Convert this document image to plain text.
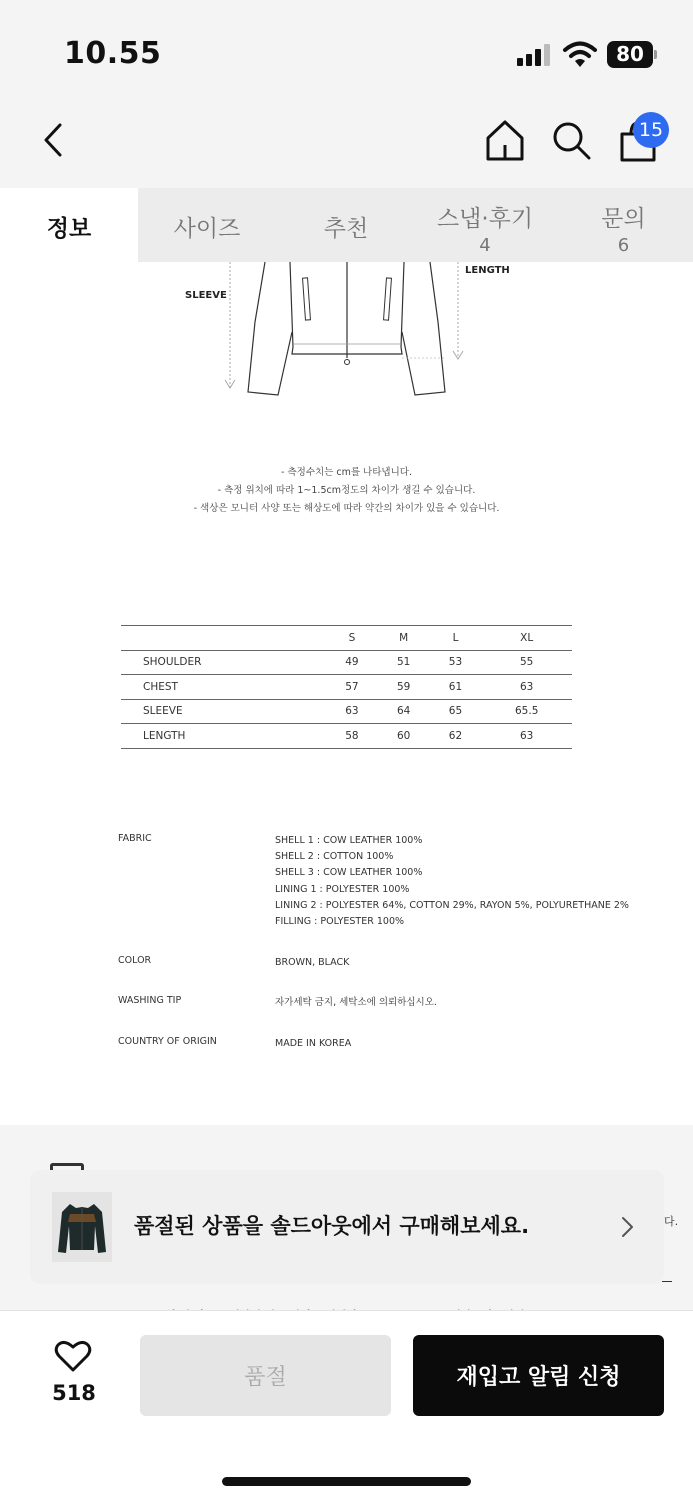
10.55	80
15
정보	사이즈	추천	스냅·후기
4
문의
6
SLEEVE
LENGTH
- 측정수치는 cm를 나타냅니다.
- 측정 위치에 따라 1~1.5cm정도의 차이가 생길 수 있습니다.
- 색상은 모니터 사양 또는 해상도에 따라 약간의 차이가 있을 수 있습니다.
	S	M	L	XL
SHOULDER	49	51	53	55
CHEST	57	59	61	63
SLEEVE	63	64	65	65.5
LENGTH	58	60	62	63
FABRIC	SHELL 1 : COW LEATHER 100%
SHELL 2 : COTTON 100%
SHELL 3 : COW LEATHER 100%
LINING 1 : POLYESTER 100%
LINING 2 : POLYESTER 64%, COTTON 29%, RAYON 5%, POLYURETHANE 2%
FILLING : POLYESTER 100%
COLOR	BROWN, BLACK
WASHING TIP	자가세탁 금지, 세탁소에 의뢰하십시오.
COUNTRY OF ORIGIN	MADE IN KOREA
다.
품절된 상품을 솔드아웃에서 구매해보세요.
518
품절	재입고 알림 신청
